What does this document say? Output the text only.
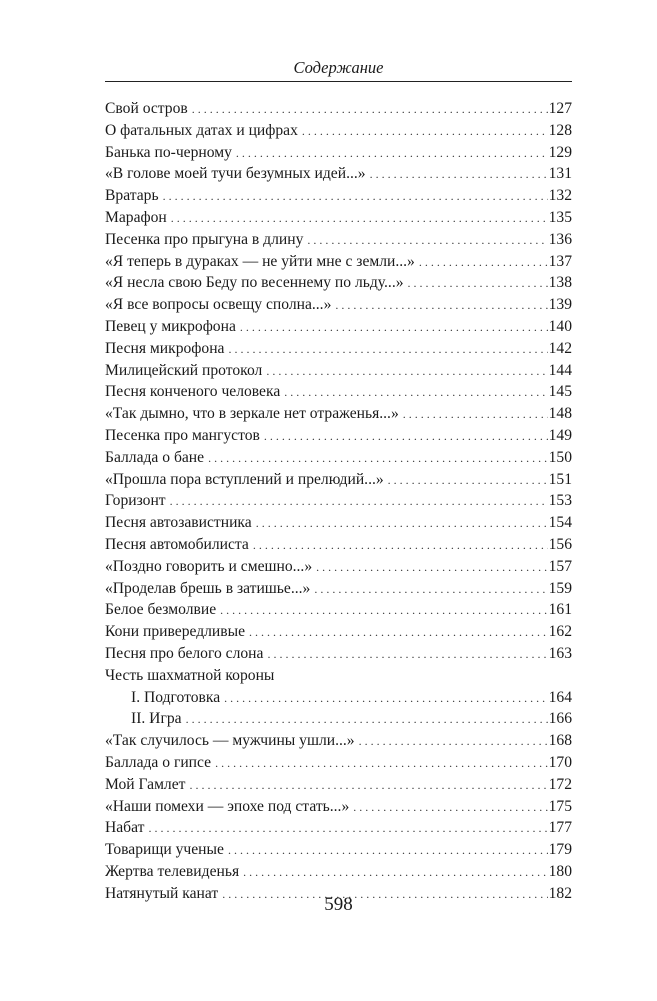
Содержание
Свой остров . . .	127
О фатальных датах и цифрах . . .	128
Банька по-черному . . .	129
«В голове моей тучи безумных идей...» . . .	131
Вратарь . . .	132
Марафон . . .	135
Песенка про прыгуна в длину . . .	136
«Я теперь в дураках — не уйти мне с земли...» . . .	137
«Я несла свою Беду по весеннему по льду...» . . .	138
«Я все вопросы освещу сполна...» . . .	139
Певец у микрофона . . .	140
Песня микрофона . . .	142
Милицейский протокол . . .	144
Песня конченого человека . . .	145
«Так дымно, что в зеркале нет отраженья...» . . .	148
Песенка про мангустов . . .	149
Баллада о бане . . .	150
«Прошла пора вступлений и прелюдий...» . . .	151
Горизонт . . .	153
Песня автозавистника . . .	154
Песня автомобилиста . . .	156
«Поздно говорить и смешно...» . . .	157
«Проделав брешь в затишье...» . . .	159
Белое безмолвие . . .	161
Кони привередливые . . .	162
Песня про белого слона . . .	163
Честь шахматной короны
I. Подготовка . . .	164
II. Игра . . .	166
«Так случилось — мужчины ушли...» . . .	168
Баллада о гипсе . . .	170
Мой Гамлет . . .	172
«Наши помехи — эпохе под стать...» . . .	175
Набат . . .	177
Товарищи ученые . . .	179
Жертва телевиденья . . .	180
Натянутый канат . . .	182
598
